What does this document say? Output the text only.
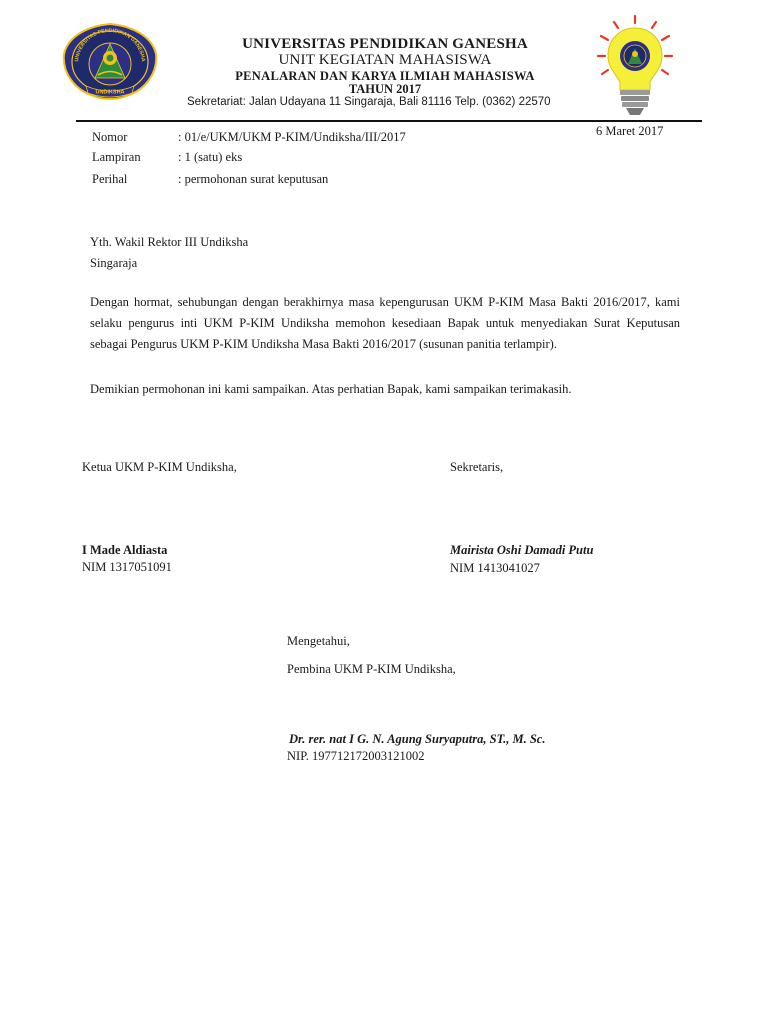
UNIVERSITAS PENDIDIKAN GANESHA
UNDIKSHA
UNIVERSITAS PENDIDIKAN GANESHA
UNIT KEGIATAN MAHASISWA
PENALARAN DAN KARYA ILMIAH MAHASISWA
TAHUN 2017
Sekretariat: Jalan Udayana 11 Singaraja, Bali 81116 Telp. (0362) 22570
6 Maret 2017
Nomor	: 01/e/UKM/UKM P-KIM/Undiksha/III/2017
Lampiran	: 1 (satu) eks
Perihal	: permohonan surat keputusan
Yth. Wakil Rektor III Undiksha
Singaraja
Dengan hormat, sehubungan dengan berakhirnya masa kepengurusan UKM P-KIM Masa Bakti 2016/2017, kami selaku pengurus inti UKM P-KIM Undiksha memohon kesediaan Bapak untuk menyediakan Surat Keputusan sebagai Pengurus UKM P-KIM Undiksha Masa Bakti 2016/2017 (susunan panitia terlampir).
Demikian permohonan ini kami sampaikan. Atas perhatian Bapak, kami sampaikan terimakasih.
Ketua UKM P-KIM Undiksha,	Sekretaris,
I Made Aldiasta
NIM 1317051091
Mairista Oshi Damadi Putu
NIM 1413041027
Mengetahui,
Pembina UKM P-KIM Undiksha,
Dr. rer. nat I G. N. Agung Suryaputra, ST., M. Sc.
NIP. 197712172003121002
